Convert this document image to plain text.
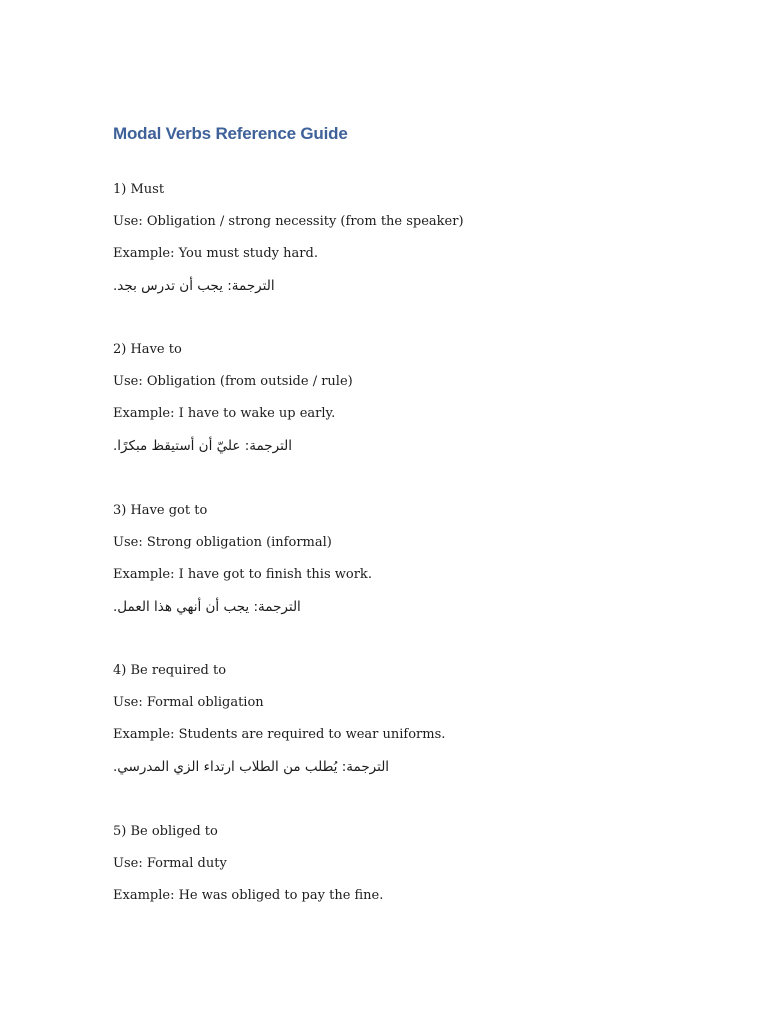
Modal Verbs Reference Guide
1) Must
Use: Obligation / strong necessity (from the speaker)
Example: You must study hard.
الترجمة: يجب أن تدرس بجد.
2) Have to
Use: Obligation (from outside / rule)
Example: I have to wake up early.
الترجمة: عليّ أن أستيقظ مبكرًا.
3) Have got to
Use: Strong obligation (informal)
Example: I have got to finish this work.
الترجمة: يجب أن أنهي هذا العمل.
4) Be required to
Use: Formal obligation
Example: Students are required to wear uniforms.
الترجمة: يُطلب من الطلاب ارتداء الزي المدرسي.
5) Be obliged to
Use: Formal duty
Example: He was obliged to pay the fine.
